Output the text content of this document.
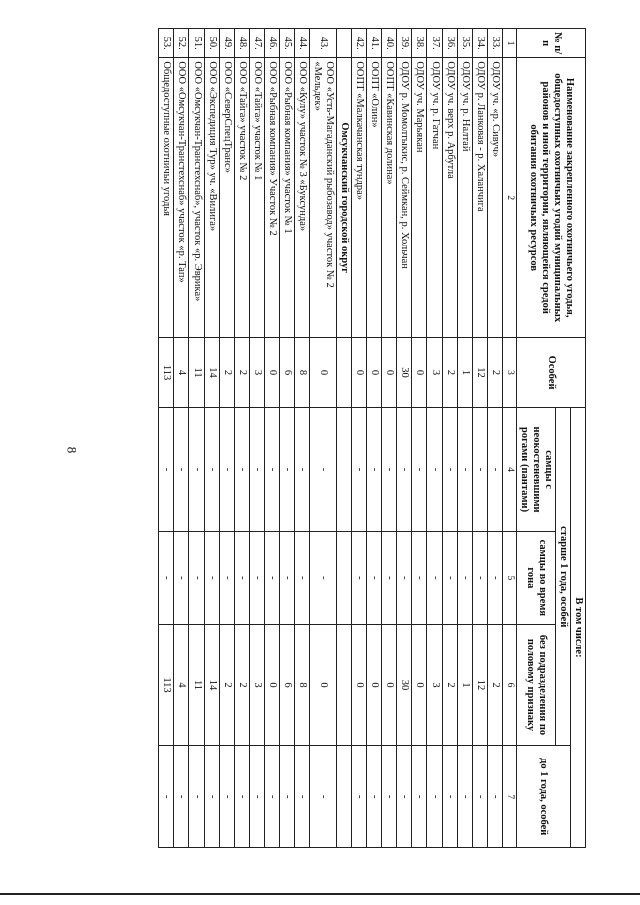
8
№ п/п	Наименование закрепленного охотничьего угодья, общедоступных охотничьих угодий муниципальных районов и иной территории, являющейся средой обитания охотничьих ресурсов	Особей	В том числе:			
			старше 1 года, особей			до 1 года, особей
			самцы с неокостеневшими рогами (пантами)	самцы во время гона	без подразделения по половому признаку	
1	2	3	4	5	6	7
33.	ОДОУ уч. «р. Сивуч»	2	-	-	2	-
34.	ОДОУ р. Ланковая - р. Халанчига	12	-	-	12	-
35.	ОДОУ уч. р. Налтай	1	-	-	1	-
36.	ОДОУ уч. верх р. Арбутла	2	-	-	2	-
37.	ОДОУ уч. р. Гатчан	3	-	-	3	-
38.	ОДОУ уч. Марьякан	0	-	-	0	-
39.	ОДОУ р. Момолтыкис, р. Сеймкан, р. Хольчан	30	-	-	30	-
40.	ООПТ «Кавинская долина»	0	-	-	0	-
41.	ООПТ «Олин»	0	-	-	0	-
42.	ООПТ «Малкачанская тундра»	0	-	-	0	-
	Омсукчанский городской округ					
43.	ООО «Усть-Магаданский рыбозавод» участок № 2 «Мельдек»	0	-	-	0	-
44.	ООО «Кулу» участок № 3 «Буксунда»	8	-	-	8	-
45.	ООО «Рыбная компания» участок № 1	6	-	-	6	-
46.	ООО «Рыбная компания» Участок № 2	0	-	-	0	-
47.	ООО «Тайга» участок № 1	3	-	-	3	-
48.	ООО «Тайга» участок № 2	2	-	-	2	-
49.	ООО «СеверСпецТранс»	2	-	-	2	-
50.	ООО «Экспедиция Тур» уч. «Вилига»	14	-	-	14	-
51.	ООО «Омсукчан-Транстехснаб», участок «р. Эврика»	11	-	-	11	-
52.	ООО «Омсукчан-Транстехснаб» участок «р. Тап»	4	-	-	4	-
53.	Общедоступные охотничьи угодья	113	-	-	113	-
